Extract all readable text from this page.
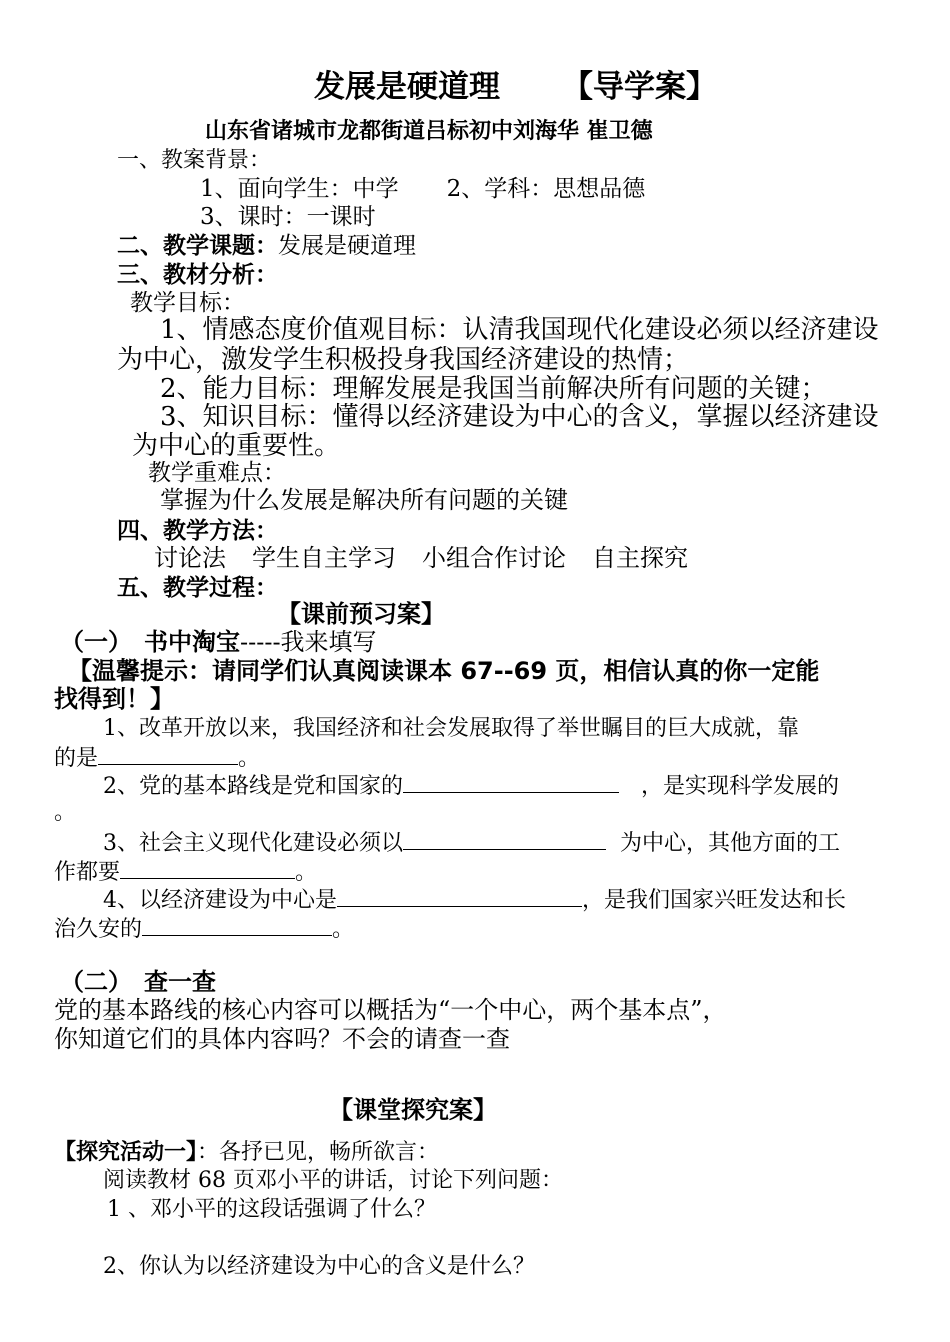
发展是硬道理 【导学案】
山东省诸城市龙都街道吕标初中刘海华 崔卫德
一、教案背景：
1、面向学生：中学 2、学科：思想品德
3、课时：一课时
二、教学课题：发展是硬道理
三、教材分析：
教学目标：
1、情感态度价值观目标：认清我国现代化建设必须以经济建设
为中心，激发学生积极投身我国经济建设的热情；
2、能力目标：理解发展是我国当前解决所有问题的关键；
3、知识目标：懂得以经济建设为中心的含义，掌握以经济建设
为中心的重要性。
教学重难点：
掌握为什么发展是解决所有问题的关键
四、教学方法：
讨论法 学生自主学习 小组合作讨论 自主探究
五、教学过程：
【课前预习案】
（一）　书中淘宝-----我来填写
【温馨提示：请同学们认真阅读课本 67--69 页，相信认真的你一定能
找得到！】
1、改革开放以来，我国经济和社会发展取得了举世瞩目的巨大成就，靠
的是	。
2、党的基本路线是党和国家的	，是实现科学发展的
。
3、社会主义现代化建设必须以	为中心，其他方面的工
作都要	。
4、以经济建设为中心是	，是我们国家兴旺发达和长
治久安的	。
（二）　查一查
党的基本路线的核心内容可以概括为“一个中心，两个基本点”，
你知道它们的具体内容吗？不会的请查一查
【课堂探究案】
【探究活动一】：各抒已见，畅所欲言：
阅读教材 68 页邓小平的讲话，讨论下列问题：
1 、邓小平的这段话强调了什么？
2、你认为以经济建设为中心的含义是什么？
